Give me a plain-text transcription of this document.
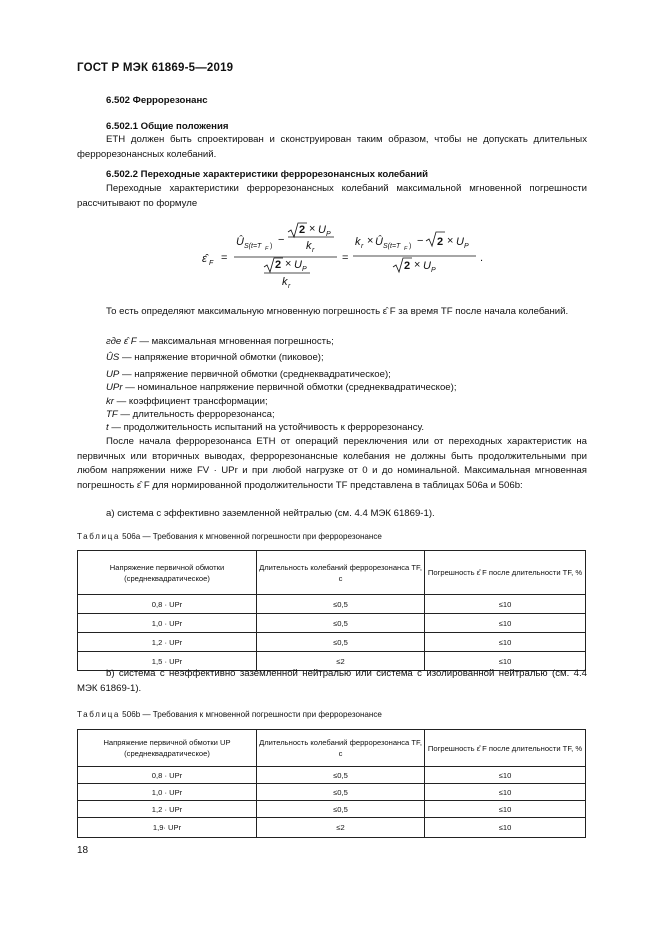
ГОСТ Р МЭК 61869-5—2019
6.502 Феррорезонанс
6.502.1 Общие положения
ЕТН должен быть спроектирован и сконструирован таким образом, чтобы не допускать длительных феррорезонансных колебаний.
6.502.2 Переходные характеристики феррорезонансных колебаний
Переходные характеристики феррорезонансных колебаний максимальной мгновенной погрешности рассчитывают по формуле
ε̂ F =
Û S(t=T F )
−
2 × U P
k r
2 × U P
k r
=
k r × Û S(t=T F ) − 2 × U P
2 × U P
.
То есть определяют максимальную мгновенную погрешность ε̂ F за время TF после начала колебаний.
где ε̂ F — максимальная мгновенная погрешность;
ÛS — напряжение вторичной обмотки (пиковое);
UP — напряжение первичной обмотки (среднеквадратическое);
UPr — номинальное напряжение первичной обмотки (среднеквадратическое);
kr — коэффициент трансформации;
TF — длительность феррорезонанса;
t — продолжительность испытаний на устойчивость к феррорезонансу.
После начала феррорезонанса ЕТН от операций переключения или от переходных характеристик на первичных или вторичных выводах, феррорезонансные колебания не должны быть продолжительными при любом напряжении ниже FV · UPr и при любой нагрузке от 0 и до номинальной. Максимальная мгновенная погрешность ε̂ F для нормированной продолжительности TF представлена в таблицах 506a и 506b:
а) система с эффективно заземленной нейтралью (см. 4.4 МЭК 61869-1).
Таблица 506а — Требования к мгновенной погрешности при феррорезонансе
Напряжение первичной обмотки (среднеквадратическое)	Длительность колебаний феррорезонанса TF, с	Погрешность ε̂ F после длительности TF, %
0,8 · UPr	≤0,5	≤10
1,0 · UPr	≤0,5	≤10
1,2 · UPr	≤0,5	≤10
1,5 · UPr	≤2	≤10
b) система с неэффективно заземленной нейтралью или система с изолированной нейтралью (см. 4.4 МЭК 61869-1).
Таблица 506b — Требования к мгновенной погрешности при феррорезонансе
Напряжение первичной обмотки UP (среднеквадратическое)	Длительность колебаний феррорезонанса TF, с	Погрешность ε̂ F после длительности TF, %
0,8 · UPr	≤0,5	≤10
1,0 · UPr	≤0,5	≤10
1,2 · UPr	≤0,5	≤10
1,9· UPr	≤2	≤10
18
